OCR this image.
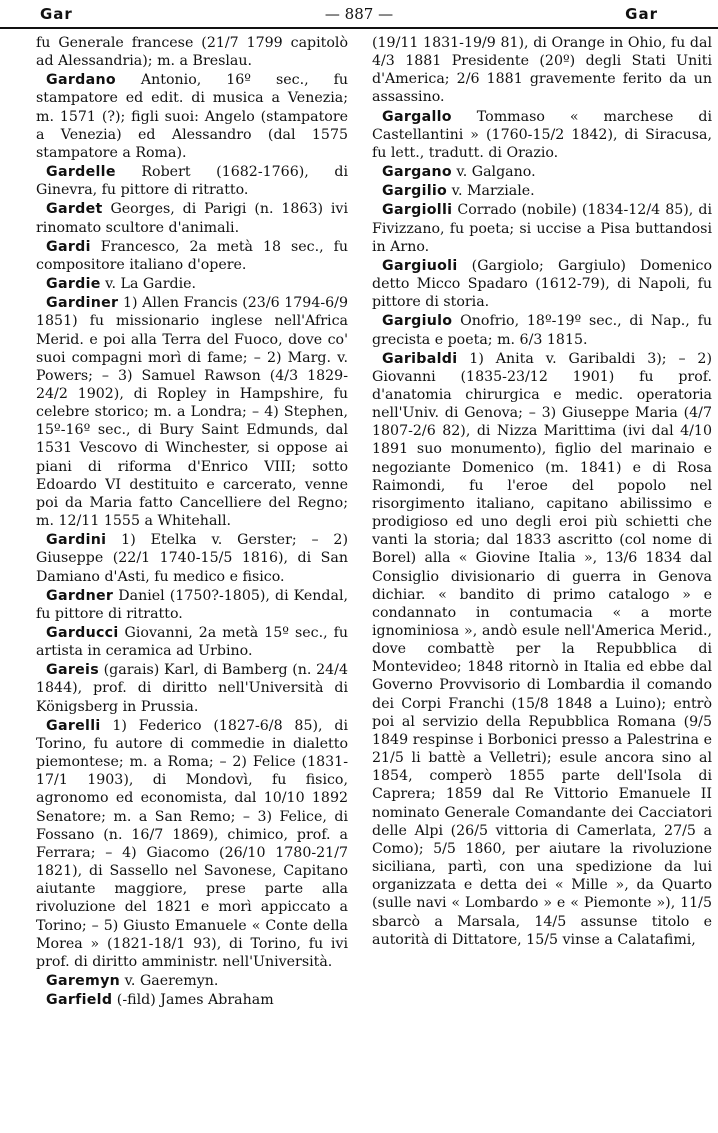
Gar	— 887 —	Gar

fu Generale francese (21/7 1799 capitolò ad Alessandria); m. a Breslau.

Gardano Antonio, 16º sec., fu stampatore ed edit. di musica a Venezia; m. 1571 (?); figli suoi: Angelo (stampatore a Venezia) ed Alessandro (dal 1575 stampatore a Roma).

Gardelle Robert (1682-1766), di Ginevra, fu pittore di ritratto.

Gardet Georges, di Parigi (n. 1863) ivi rinomato scultore d'animali.

Gardi Francesco, 2a metà 18 sec., fu compositore italiano d'opere.

Gardie v. La Gardie.

Gardiner 1) Allen Francis (23/6 1794-6/9 1851) fu missionario inglese nell'Africa Merid. e poi alla Terra del Fuoco, dove co' suoi compagni morì di fame; – 2) Marg. v. Powers; – 3) Samuel Rawson (4/3 1829-24/2 1902), di Ropley in Hampshire, fu celebre storico; m. a Londra; – 4) Stephen, 15º-16º sec., di Bury Saint Edmunds, dal 1531 Vescovo di Winchester, si oppose ai piani di riforma d'Enrico VIII; sotto Edoardo VI destituito e carcerato, venne poi da Maria fatto Cancelliere del Regno; m. 12/11 1555 a Whitehall.

Gardini 1) Etelka v. Gerster; – 2) Giuseppe (22/1 1740-15/5 1816), di San Damiano d'Asti, fu medico e fisico.

Gardner Daniel (1750?-1805), di Kendal, fu pittore di ritratto.

Garducci Giovanni, 2a metà 15º sec., fu artista in ceramica ad Urbino.

Gareis (garais) Karl, di Bamberg (n. 24/4 1844), prof. di diritto nell'Università di Königsberg in Prussia.

Garelli 1) Federico (1827-6/8 85), di Torino, fu autore di commedie in dialetto piemontese; m. a Roma; – 2) Felice (1831-17/1 1903), di Mondovì, fu fisico, agronomo ed economista, dal 10/10 1892 Senatore; m. a San Remo; – 3) Felice, di Fossano (n. 16/7 1869), chimico, prof. a Ferrara; – 4) Giacomo (26/10 1780-21/7 1821), di Sassello nel Savonese, Capitano aiutante maggiore, prese parte alla rivoluzione del 1821 e morì appiccato a Torino; – 5) Giusto Emanuele « Conte della Morea » (1821-18/1 93), di Torino, fu ivi prof. di diritto amministr. nell'Università.

Garemyn v. Gaeremyn.

Garfield (-fild) James Abraham

(19/11 1831-19/9 81), di Orange in Ohio, fu dal 4/3 1881 Presidente (20º) degli Stati Uniti d'America; 2/6 1881 gravemente ferito da un assassino.

Gargallo Tommaso « marchese di Castellantini » (1760-15/2 1842), di Siracusa, fu lett., tradutt. di Orazio.

Gargano v. Galgano.

Gargilio v. Marziale.

Gargiolli Corrado (nobile) (1834-12/4 85), di Fivizzano, fu poeta; si uccise a Pisa buttandosi in Arno.

Gargiuoli (Gargiolo; Gargiulo) Domenico detto Micco Spadaro (1612-79), di Napoli, fu pittore di storia.

Gargiulo Onofrio, 18º-19º sec., di Nap., fu grecista e poeta; m. 6/3 1815.

Garibaldi 1) Anita v. Garibaldi 3); – 2) Giovanni (1835-23/12 1901) fu prof. d'anatomia chirurgica e medic. operatoria nell'Univ. di Genova; – 3) Giuseppe Maria (4/7 1807-2/6 82), di Nizza Marittima (ivi dal 4/10 1891 suo monumento), figlio del marinaio e negoziante Domenico (m. 1841) e di Rosa Raimondi, fu l'eroe del popolo nel risorgimento italiano, capitano abilissimo e prodigioso ed uno degli eroi più schietti che vanti la storia; dal 1833 ascritto (col nome di Borel) alla « Giovine Italia », 13/6 1834 dal Consiglio divisionario di guerra in Genova dichiar. « bandito di primo catalogo » e condannato in contumacia « a morte ignominiosa », andò esule nell'America Merid., dove combattè per la Repubblica di Montevideo; 1848 ritornò in Italia ed ebbe dal Governo Provvisorio di Lombardia il comando dei Corpi Franchi (15/8 1848 a Luino); entrò poi al servizio della Repubblica Romana (9/5 1849 respinse i Borbonici presso a Palestrina e 21/5 li battè a Velletri); esule ancora sino al 1854, comperò 1855 parte dell'Isola di Caprera; 1859 dal Re Vittorio Emanuele II nominato Generale Comandante dei Cacciatori delle Alpi (26/5 vittoria di Camerlata, 27/5 a Como); 5/5 1860, per aiutare la rivoluzione siciliana, partì, con una spedizione da lui organizzata e detta dei « Mille », da Quarto (sulle navi « Lombardo » e « Piemonte »), 11/5 sbarcò a Marsala, 14/5 assunse titolo e autorità di Dittatore, 15/5 vinse a Calatafimi,
